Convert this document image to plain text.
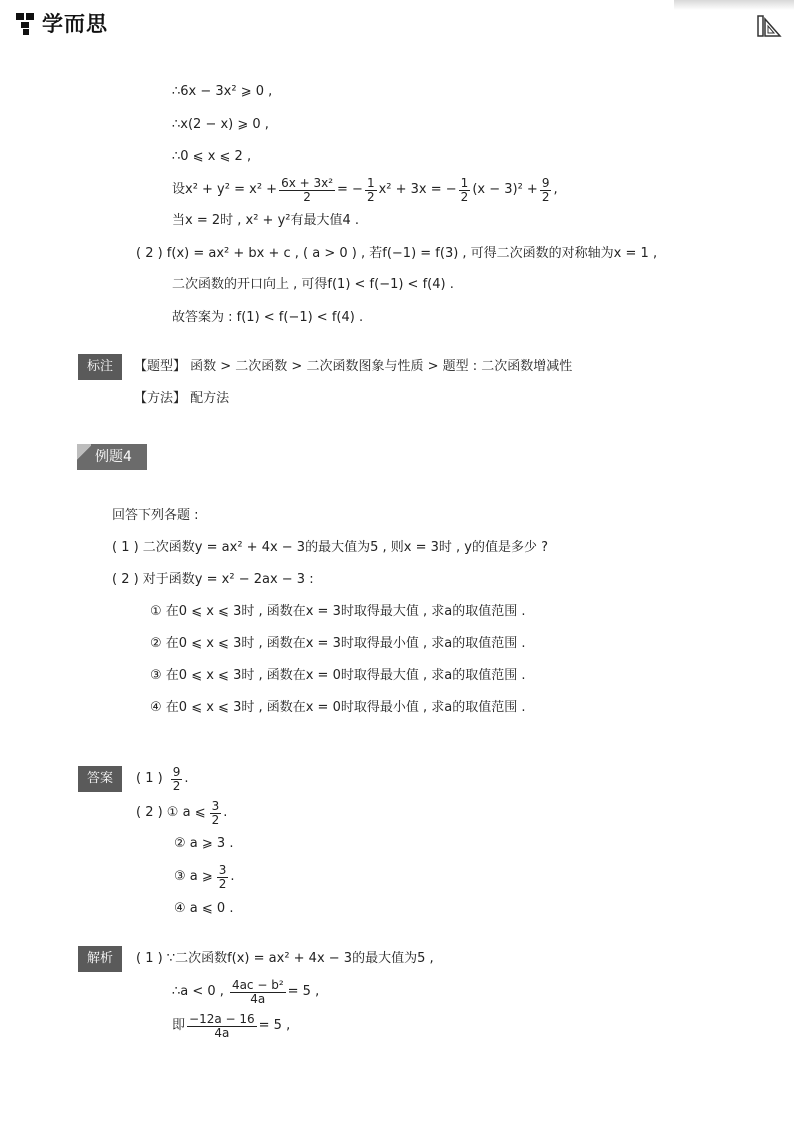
学而思
∴6x − 3x² ⩾ 0 ,
∴x(2 − x) ⩾ 0 ,
∴0 ⩽ x ⩽ 2 ,
设$x^2 + y^2 = x^2 + \frac{\text{6x + 3x²}}{2}$ = − $\frac{1}{2} x^2 + 3x$ = − $\frac{1}{2} (x - 3)^2 + \frac{9}{2}$ ,
当x = 2时 , x² + y²有最大值4 .
( 2 ) f(x) = ax² + bx + c , ( a > 0 ) , 若f(−1) = f(3) , 可得二次函数的对称轴为x = 1 ,
二次函数的开口向上 , 可得f(1) < f(−1) < f(4) .
故答案为 : f(1) < f(−1) < f(4) .
标注	【题型】 函数 > 二次函数 > 二次函数图象与性质 > 题型 : 二次函数增减性
【方法】 配方法
例题4
回答下列各题 :
( 1 ) 二次函数y = ax² + 4x − 3的最大值为5 , 则x = 3时 , y的值是多少 ?
( 2 ) 对于函数y = x² − 2ax − 3 :
① 在0 ⩽ x ⩽ 3时 , 函数在x = 3时取得最大值 , 求a的取值范围 .
② 在0 ⩽ x ⩽ 3时 , 函数在x = 3时取得最小值 , 求a的取值范围 .
③ 在0 ⩽ x ⩽ 3时 , 函数在x = 0时取得最大值 , 求a的取值范围 .
④ 在0 ⩽ x ⩽ 3时 , 函数在x = 0时取得最小值 , 求a的取值范围 .
答案	( 1 ) $\frac{9}{2}$ .
( 2 ) ① a ⩽ $\frac{3}{2}$ .
② a ⩾ 3 .
③ a ⩾ $\frac{3}{2}$ .
④ a ⩽ 0 .
解析	( 1 ) ∵二次函数f(x) = ax² + 4x − 3的最大值为5 ,
∴a < 0 , $\frac{\text{4ac − b²}}{4a} = 5$ ,
即 $\frac{-12a - 16}{4a} = 5$ ,
